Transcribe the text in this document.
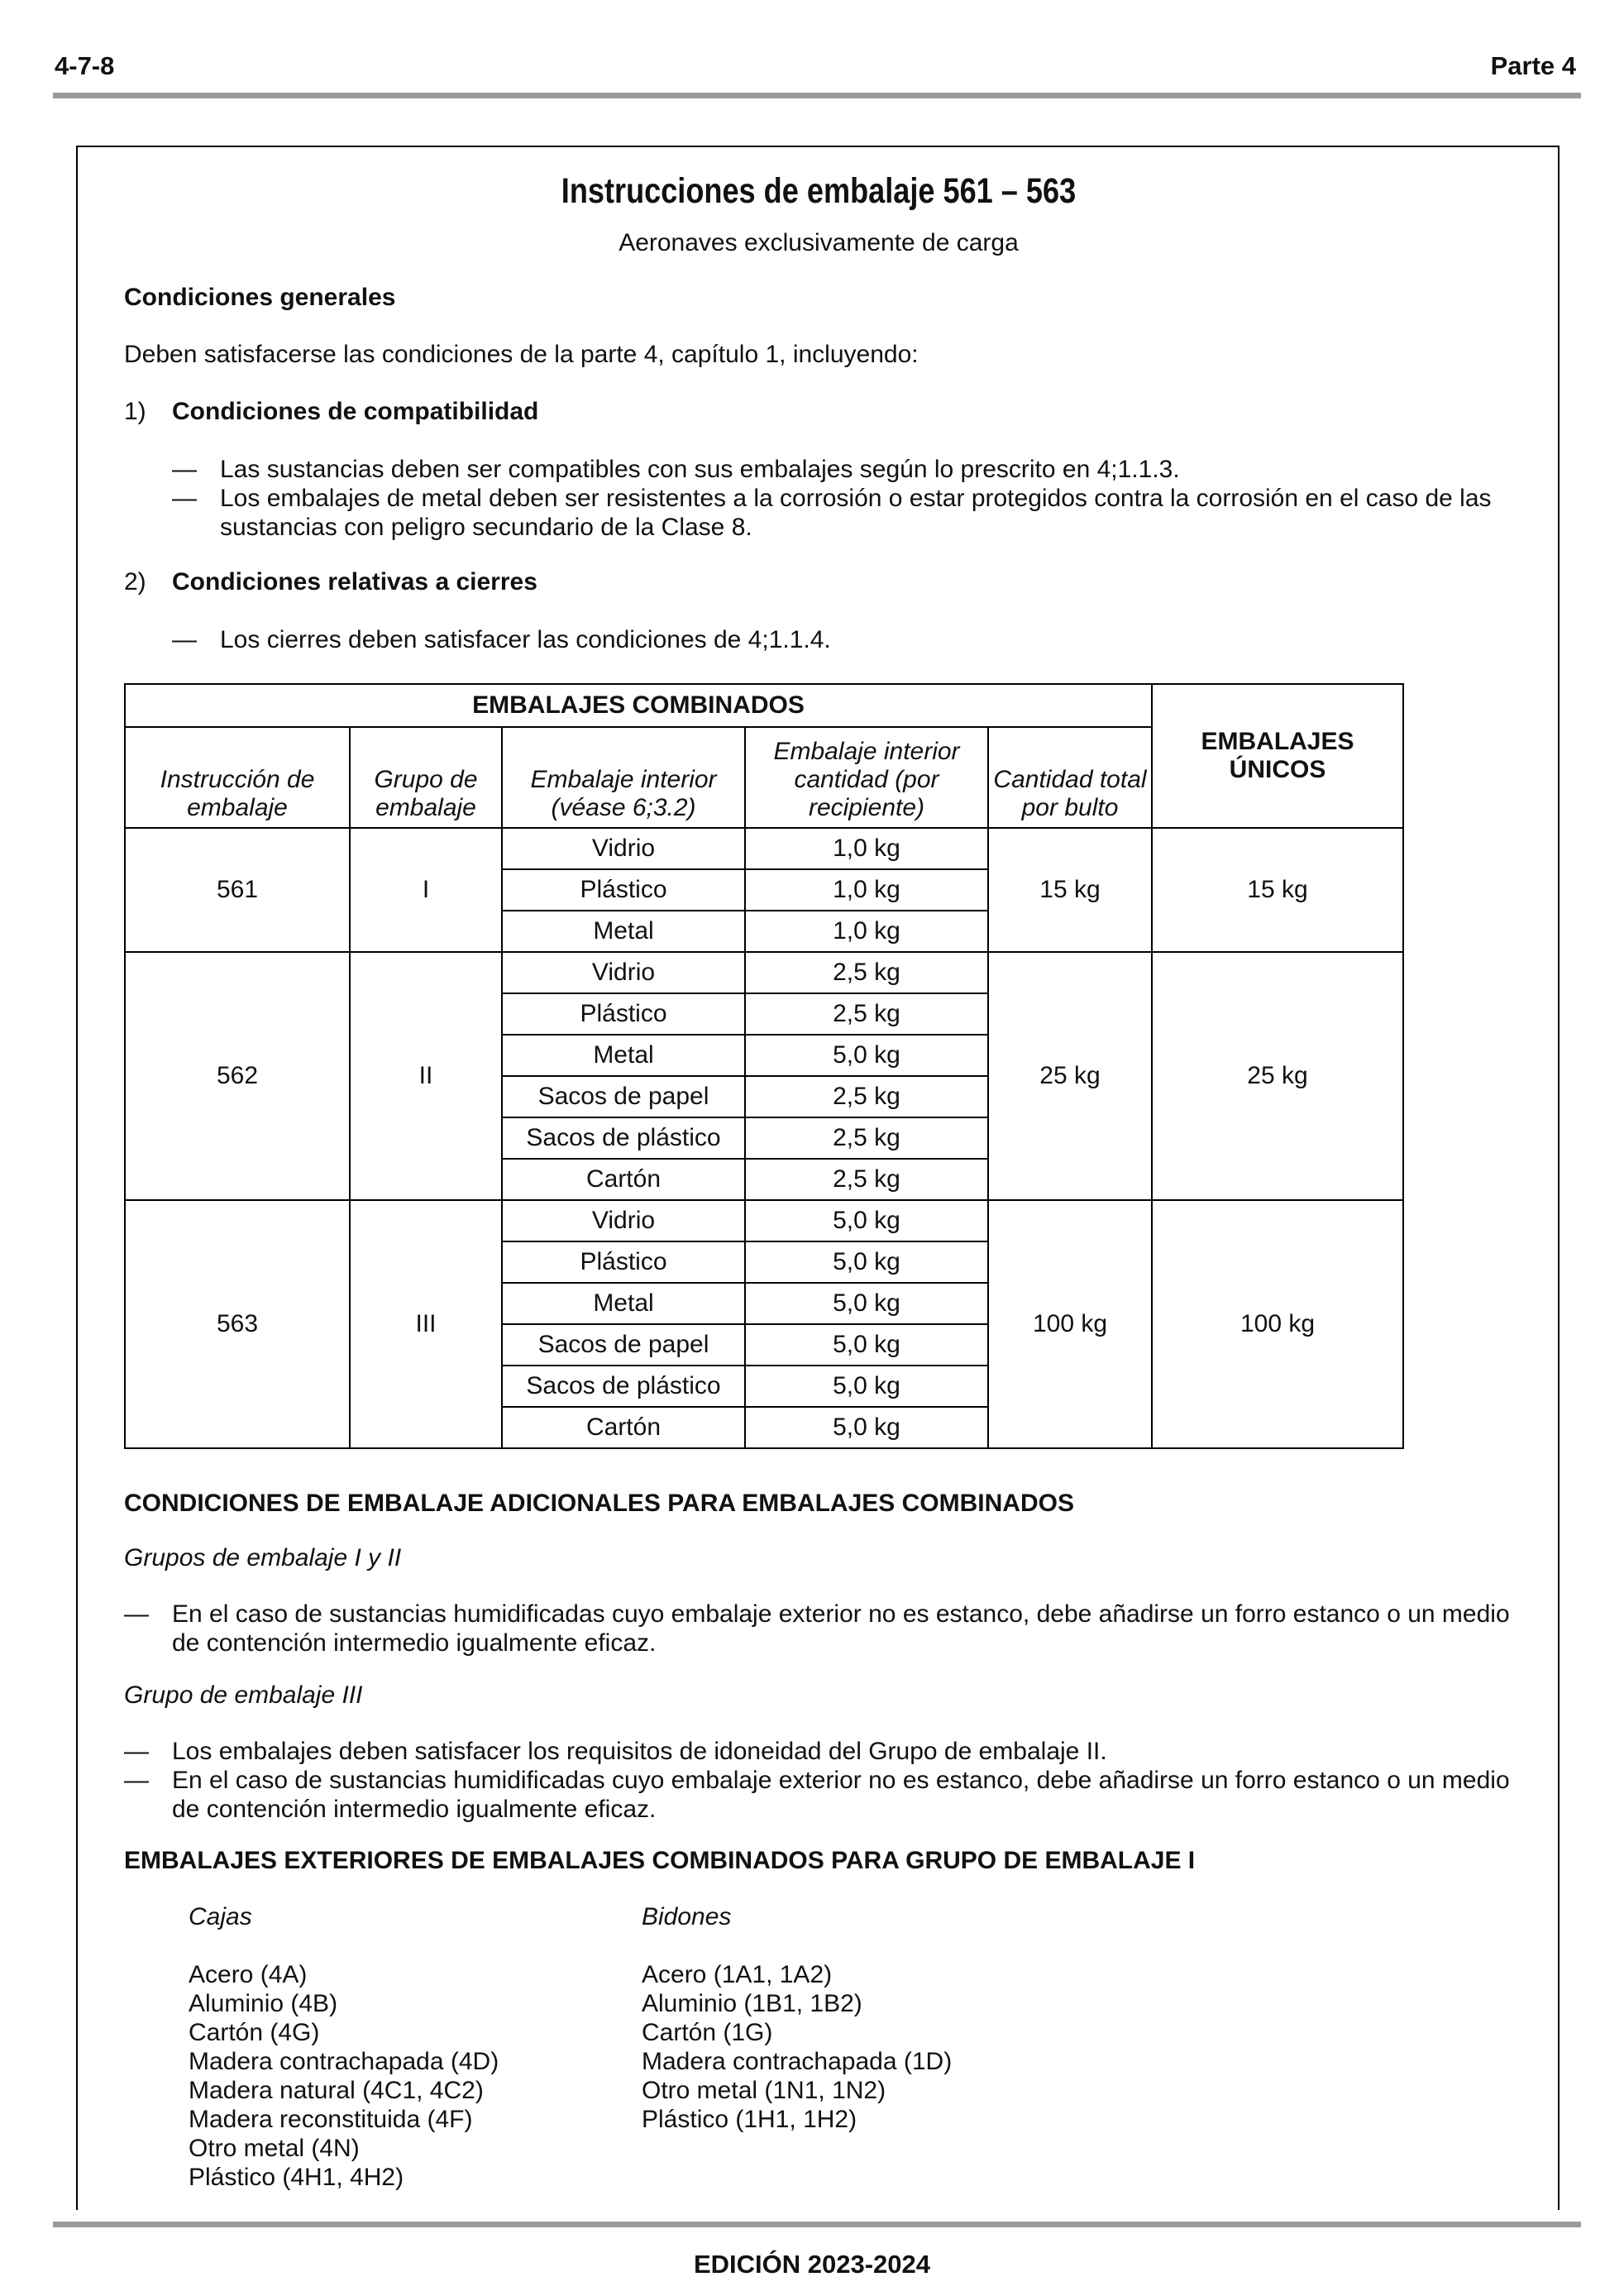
4-7-8	Parte 4
Instrucciones de embalaje 561 – 563
Aeronaves exclusivamente de carga
Condiciones generales
Deben satisfacerse las condiciones de la parte 4, capítulo 1, incluyendo:
1) Condiciones de compatibilidad
— Las sustancias deben ser compatibles con sus embalajes según lo prescrito en 4;1.1.3.
— Los embalajes de metal deben ser resistentes a la corrosión o estar protegidos contra la corrosión en el caso de las sustancias con peligro secundario de la Clase 8.
2) Condiciones relativas a cierres
— Los cierres deben satisfacer las condiciones de 4;1.1.4.
EMBALAJES COMBINADOS					EMBALAJES ÚNICOS
Instrucción de embalaje	Grupo de embalaje	Embalaje interior (véase 6;3.2)	Embalaje interior cantidad (por recipiente)	Cantidad total por bulto	
561	I	Vidrio	1,0 kg	15 kg	15 kg
		Plástico	1,0 kg		
		Metal	1,0 kg		
562	II	Vidrio	2,5 kg	25 kg	25 kg
		Plástico	2,5 kg		
		Metal	5,0 kg		
		Sacos de papel	2,5 kg		
		Sacos de plástico	2,5 kg		
		Cartón	2,5 kg		
563	III	Vidrio	5,0 kg	100 kg	100 kg
		Plástico	5,0 kg		
		Metal	5,0 kg		
		Sacos de papel	5,0 kg		
		Sacos de plástico	5,0 kg		
		Cartón	5,0 kg		
CONDICIONES DE EMBALAJE ADICIONALES PARA EMBALAJES COMBINADOS
Grupos de embalaje I y II
— En el caso de sustancias humidificadas cuyo embalaje exterior no es estanco, debe añadirse un forro estanco o un medio de contención intermedio igualmente eficaz.
Grupo de embalaje III
— Los embalajes deben satisfacer los requisitos de idoneidad del Grupo de embalaje II.
— En el caso de sustancias humidificadas cuyo embalaje exterior no es estanco, debe añadirse un forro estanco o un medio de contención intermedio igualmente eficaz.
EMBALAJES EXTERIORES DE EMBALAJES COMBINADOS PARA GRUPO DE EMBALAJE I
Cajas
Acero (4A)
Aluminio (4B)
Cartón (4G)
Madera contrachapada (4D)
Madera natural (4C1, 4C2)
Madera reconstituida (4F)
Otro metal (4N)
Plástico (4H1, 4H2)
Bidones
Acero (1A1, 1A2)
Aluminio (1B1, 1B2)
Cartón (1G)
Madera contrachapada (1D)
Otro metal (1N1, 1N2)
Plástico (1H1, 1H2)
EDICIÓN 2023-2024
